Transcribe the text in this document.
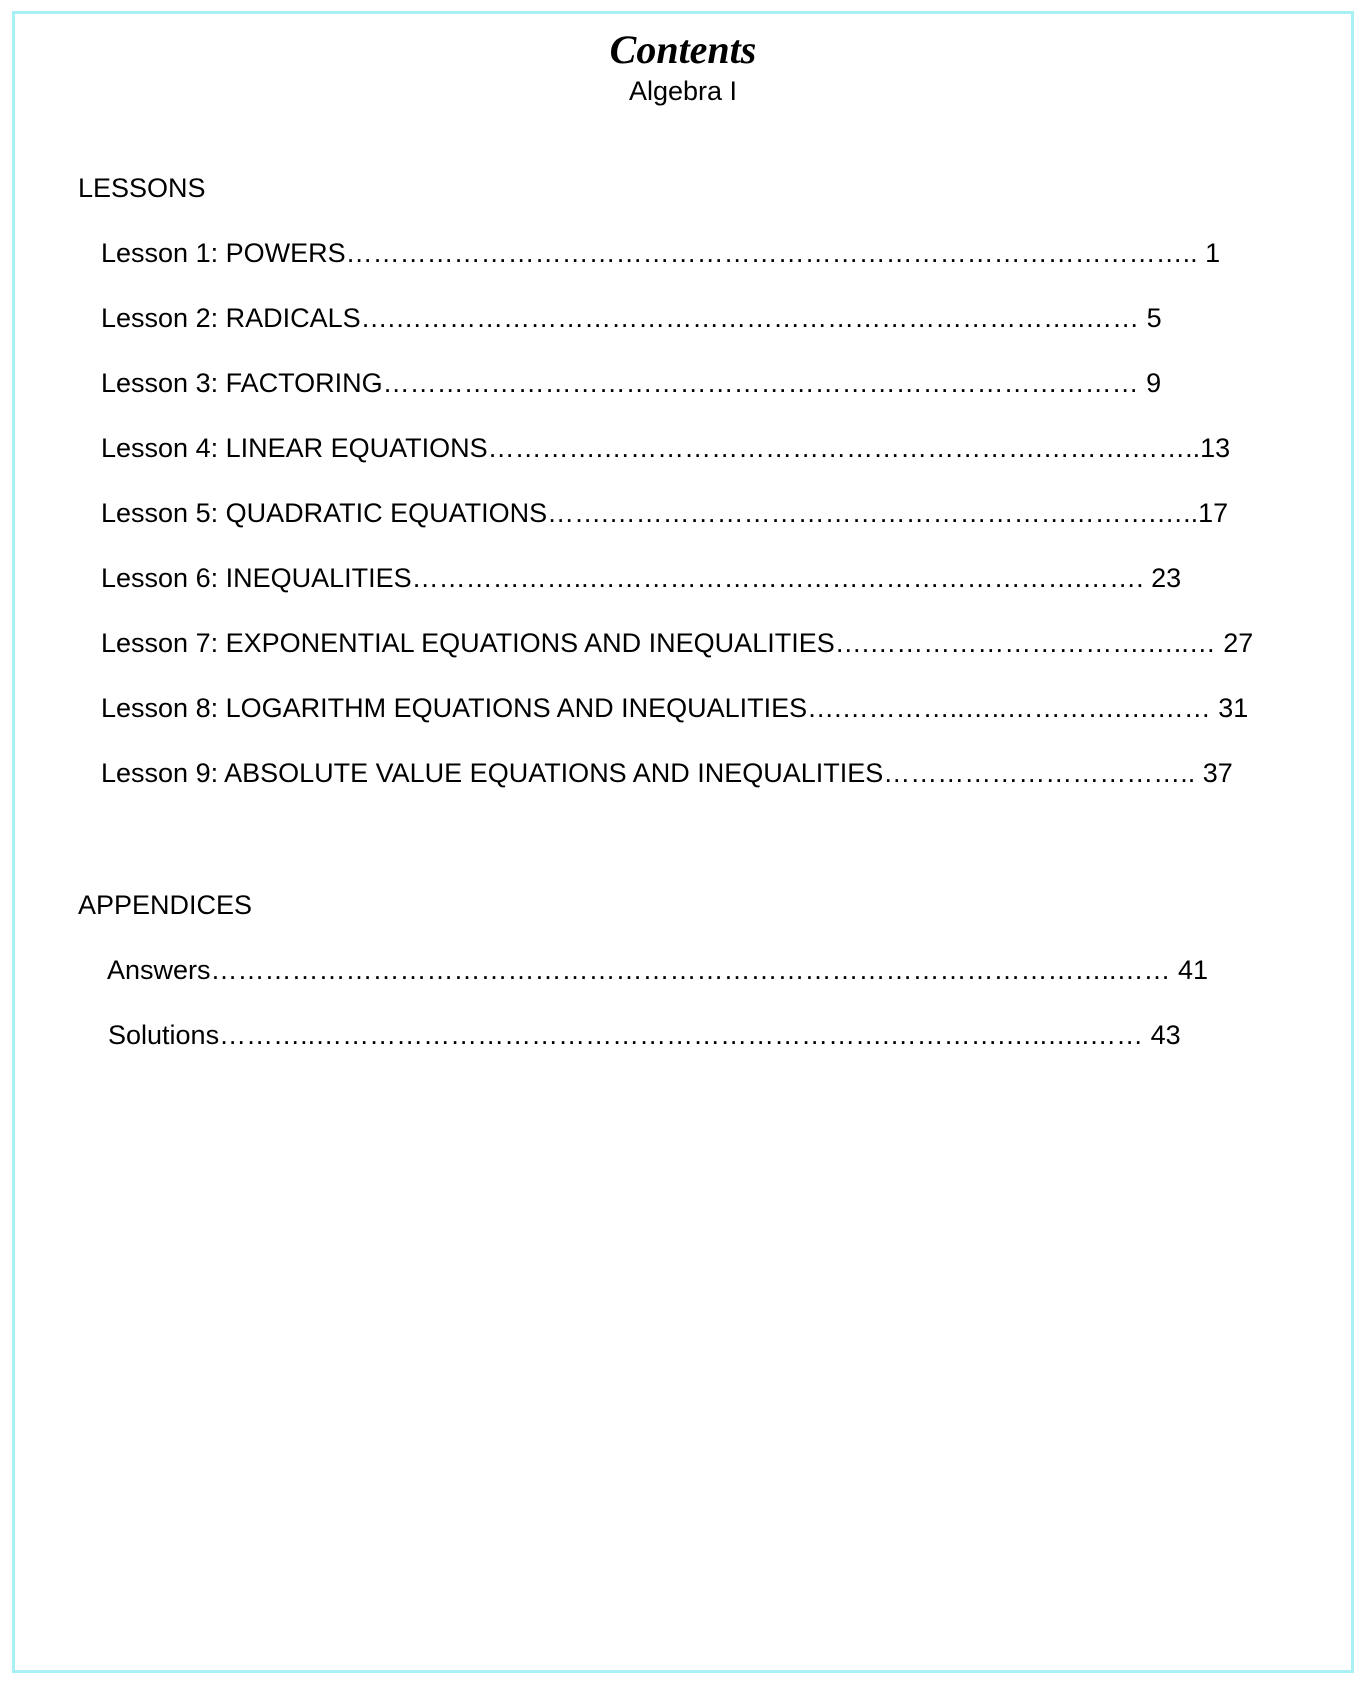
Contents
Algebra I
LESSONS
Lesson 1: POWERS………………………………………………………………………………….. 1
Lesson 2: RADICALS….…………………………………………………………………..…… 5
Lesson 3: FACTORING………………………………………………………………………… 9
Lesson 4: LINEAR EQUATIONS………….………………………………………….……….……..13
Lesson 5: QUADRATIC EQUATIONS…….…………………………………………………….…..17
Lesson 6: INEQUALITIES………………..……………………………………………….……. 23
Lesson 7: EXPONENTIAL EQUATIONS AND INEQUALITIES….………………………….…..… 27
Lesson 8: LOGARITHM EQUATIONS AND INEQUALITIES….…………..…..………….….…… 31
Lesson 9: ABSOLUTE VALUE EQUATIONS AND INEQUALITIES…………………………….. 37
APPENDICES
Answers………………………………………………………………………………………..…… 41
Solutions………..……………………………………………………….………….…..…..…… 43
